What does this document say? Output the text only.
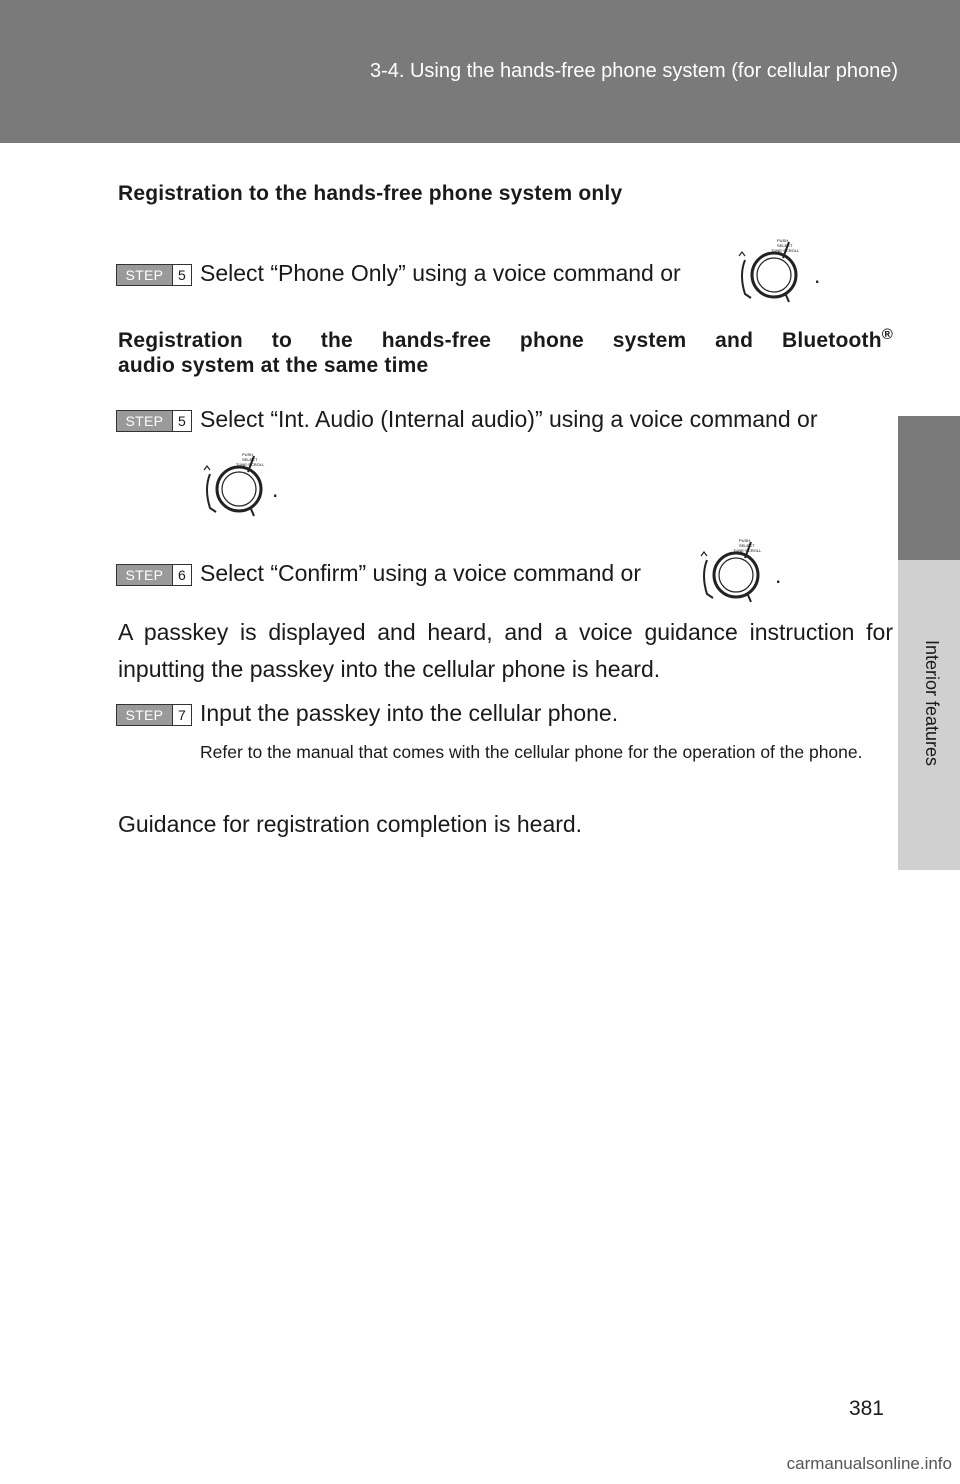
3-4. Using the hands-free phone system (for cellular phone)
Interior features
Registration to the hands-free phone system only
STEP	5 Select “Phone Only” using a voice command or
PUSH
SELECT
TUNE·SCROLL
.
Registration to the hands-free phone system and Bluetooth®
audio system at the same time
STEP	5 Select “Int. Audio (Internal audio)” using a voice command or
PUSH
SELECT
TUNE·SCROLL
.
STEP	6 Select “Confirm” using a voice command or
PUSH
SELECT
TUNE·SCROLL
.
A passkey is displayed and heard, and a voice guidance instruction for inputting the passkey into the cellular phone is heard.
STEP	7 Input the passkey into the cellular phone.
Refer to the manual that comes with the cellular phone for the operation of the phone.
Guidance for registration completion is heard.
381
carmanualsonline.info
